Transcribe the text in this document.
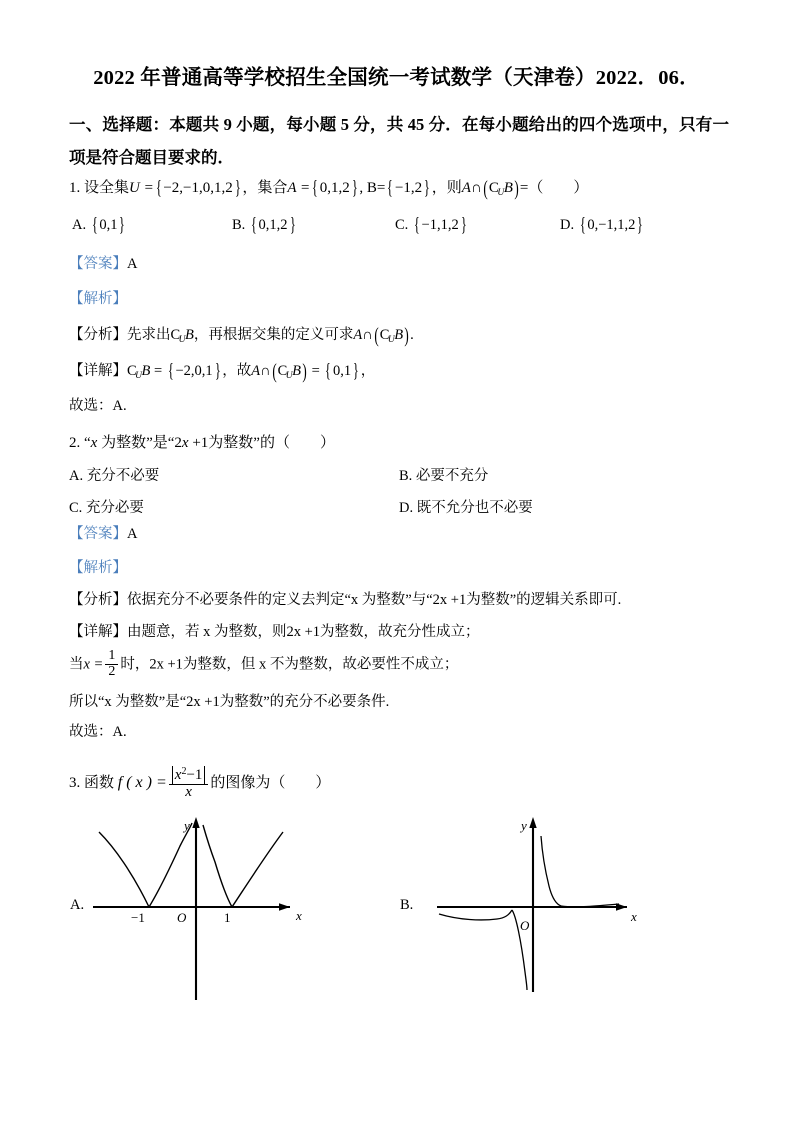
2022 年普通高等学校招生全国统一考试数学（天津卷）2022．06．
一、选择题：本题共 9 小题，每小题 5 分，共 45 分．在每小题给出的四个选项中，只有一项是符合题目要求的．
1. 设全集U ={ −2,−1,0,1,2} ，集合A ={ 0,1,2} , B={ −1,2} ，则$A\cap(C_UB)=$（　　）
A. { 0,1}	B. { 0,1,2}	C. { −1,1,2}	D. { 0,−1,1,2}
【答案】A
【解析】
【分析】先求出$C_UB$，再根据交集的定义可求$A\cap(C_UB)$.
【详解】$C_UB$ = { −2,0,1} ，故$A\cap(C_UB)$ = { 0,1} ，
故选：A.
2. “x 为整数”是“2x +1为整数”的（　　）
A. 充分不必要	B. 必要不充分
C. 充分必要	D. 既不允分也不必要
【答案】A
【解析】
【分析】依据充分不必要条件的定义去判定“x 为整数”与“2x +1为整数”的逻辑关系即可.
【详解】由题意，若 x 为整数，则2x +1为整数，故充分性成立；
当$x = \frac{1}{2}$ 时，2x +1为整数，但 x 不为整数，故必要性不成立；
所以“x 为整数”是“2x +1为整数”的充分不必要条件.
故选：A.
3. 函数 f ( x ) = $\frac{x^2-1}{x}$ 的图像为（　　）
A.
x
y
O
−1	1
B.
x
y
O
